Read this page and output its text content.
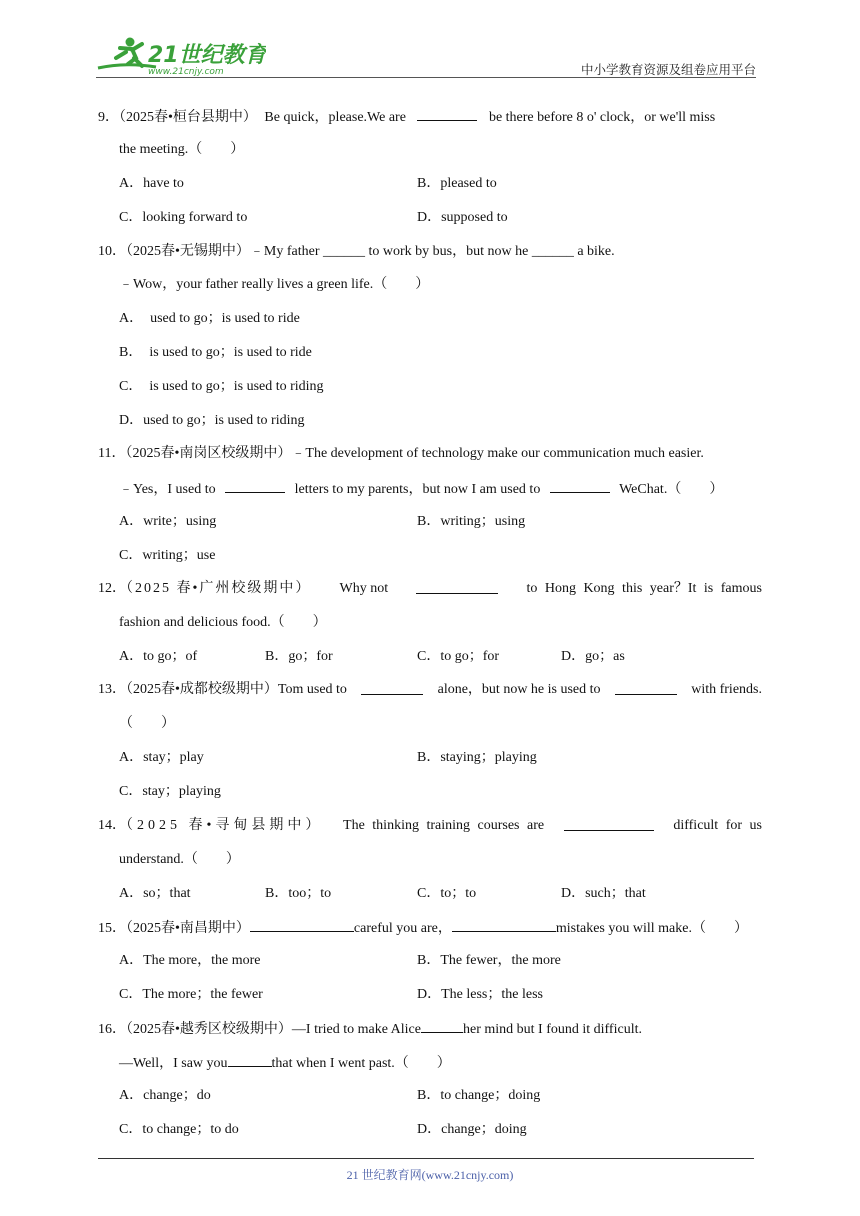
21世纪教育
www.21cnjy.com	中小学教育资源及组卷应用平台
9．（2025春•桓台县期中） Be quick，please.We are	be there before 8 o' clock，or we'll miss
the meeting.（　　）
A．have to	B．pleased to
C．looking forward to	D．supposed to
10．（2025春•无锡期中）﹣My father ______ to work by bus，but now he ______ a bike.
﹣Wow，your father really lives a green life.（　　）
A．  used to go；is used to ride
B．  is used to go；is used to ride
C．  is used to go；is used to riding
D．used to go；is used to riding
11．（2025春•南岗区校级期中）﹣The development of technology make our communication much easier.
﹣Yes，I used to	letters to my parents，but now I am used to	WeChat.（　　）
A．write；using	B．writing；using
C．writing；use
12．（2025 春•广州校级期中） Why not	to Hong Kong this year？It is famous
fashion and delicious food.（　　）
A．to go；of	B．go；for	C．to go；for	D．go；as
13．（2025春•成都校级期中）Tom used to	alone，but now he is used to	with friends.
（　　）
A．stay；play	B．staying；playing
C．stay；playing
14．（2025 春•寻甸县期中） The thinking training courses are	difficult for us
understand.（　　）
A．so；that	B．too；to	C．to；to	D．such；that
15．（2025春•南昌期中）	careful you are，	mistakes you will make.（　　）
A．The more，the more	B．The fewer，the more
C．The more；the fewer	D．The less；the less
16．（2025春•越秀区校级期中）—I tried to make Alice	her mind but I found it difficult.
—Well，I saw you	that when I went past.（　　）
A．change；do	B．to change；doing
C．to change；to do	D．change；doing
21 世纪教育网(www.21cnjy.com)
